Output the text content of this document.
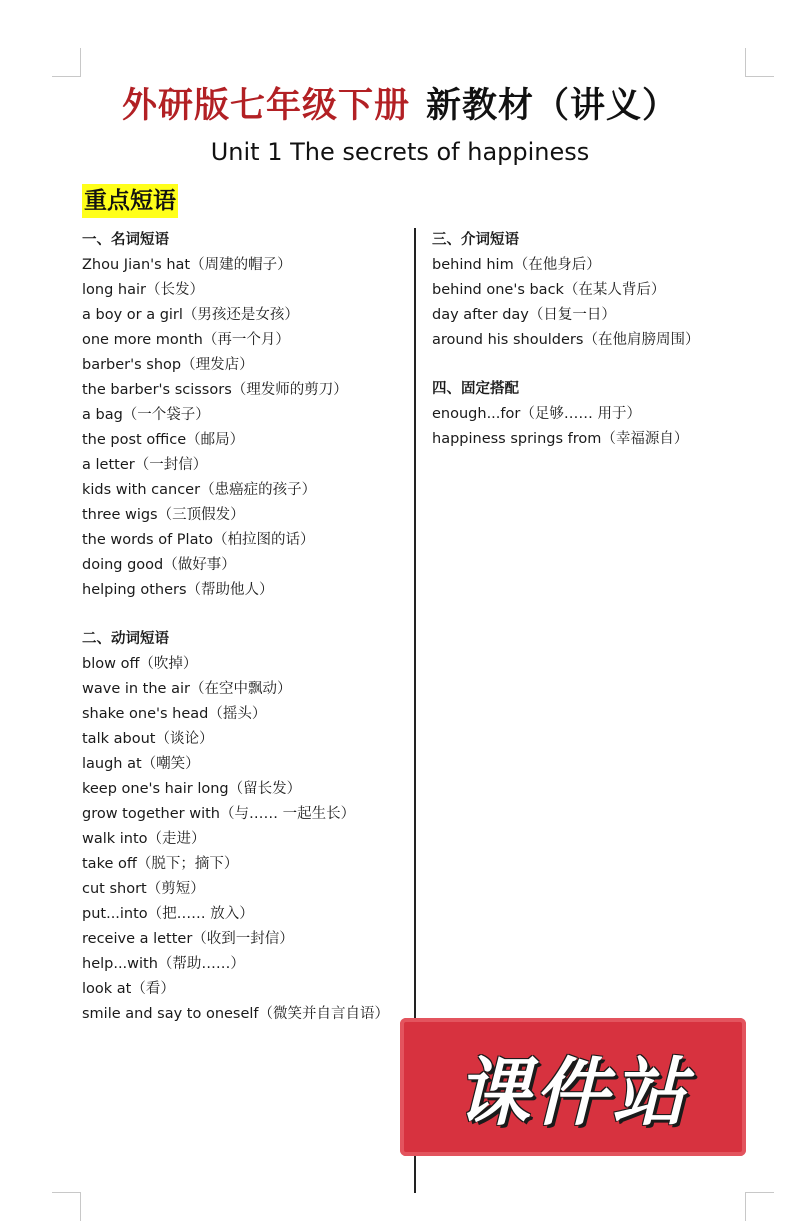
外研版七年级下册 新教材（讲义）
Unit 1 The secrets of happiness
重点短语
一、名词短语
Zhou Jian's hat（周建的帽子）
long hair（长发）
a boy or a girl（男孩还是女孩）
one more month（再一个月）
barber's shop（理发店）
the barber's scissors（理发师的剪刀）
a bag（一个袋子）
the post office（邮局）
a letter（一封信）
kids with cancer（患癌症的孩子）
three wigs（三顶假发）
the words of Plato（柏拉图的话）
doing good（做好事）
helping others（帮助他人）
二、动词短语
blow off（吹掉）
wave in the air（在空中飘动）
shake one's head（摇头）
talk about（谈论）
laugh at（嘲笑）
keep one's hair long（留长发）
grow together with（与…… 一起生长）
walk into（走进）
take off（脱下；摘下）
cut short（剪短）
put...into（把…… 放入）
receive a letter（收到一封信）
help...with（帮助……）
look at（看）
smile and say to oneself（微笑并自言自语）
三、介词短语
behind him（在他身后）
behind one's back（在某人背后）
day after day（日复一日）
around his shoulders（在他肩膀周围）
四、固定搭配
enough...for（足够…… 用于）
happiness springs from（幸福源自）
课件站
